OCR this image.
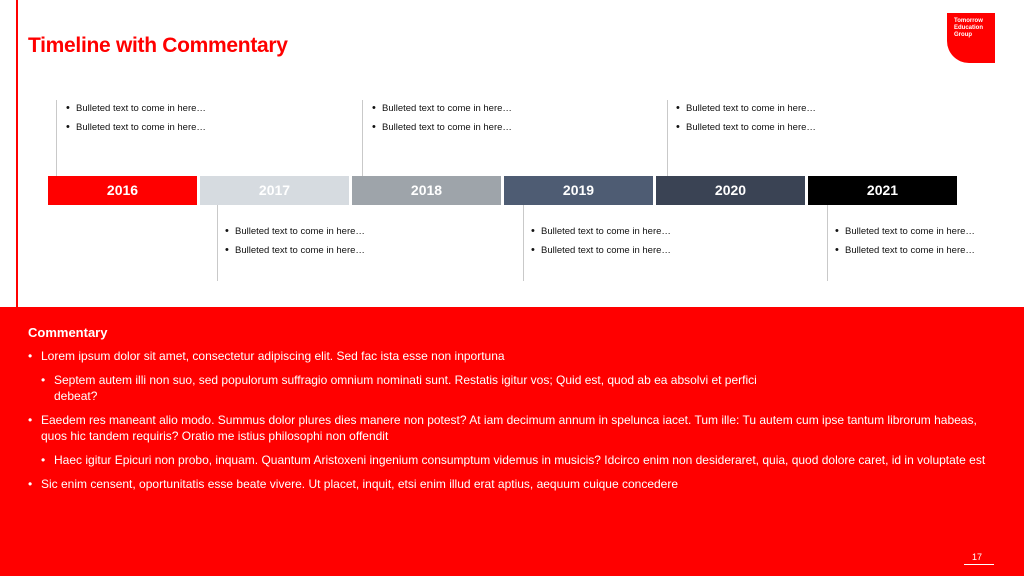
Timeline with Commentary
Tomorrow
Education
Group
• Bulleted text to come in here…
• Bulleted text to come in here…
• Bulleted text to come in here…
• Bulleted text to come in here…
• Bulleted text to come in here…
• Bulleted text to come in here…
2016	2017	2018	2019	2020	2021
• Bulleted text to come in here…
• Bulleted text to come in here…
• Bulleted text to come in here…
• Bulleted text to come in here…
• Bulleted text to come in here…
• Bulleted text to come in here…
Commentary
• Lorem ipsum dolor sit amet, consectetur adipiscing elit. Sed fac ista esse non inportuna
• Septem autem illi non suo, sed populorum suffragio omnium nominati sunt. Restatis igitur vos; Quid est, quod ab ea absolvi et perfici debeat?
• Eaedem res maneant alio modo. Summus dolor plures dies manere non potest? At iam decimum annum in spelunca iacet. Tum ille: Tu autem cum ipse tantum librorum habeas, quos hic tandem requiris? Oratio me istius philosophi non offendit
• Haec igitur Epicuri non probo, inquam. Quantum Aristoxeni ingenium consumptum videmus in musicis? Idcirco enim non desideraret, quia, quod dolore caret, id in voluptate est
• Sic enim censent, oportunitatis esse beate vivere. Ut placet, inquit, etsi enim illud erat aptius, aequum cuique concedere
17
